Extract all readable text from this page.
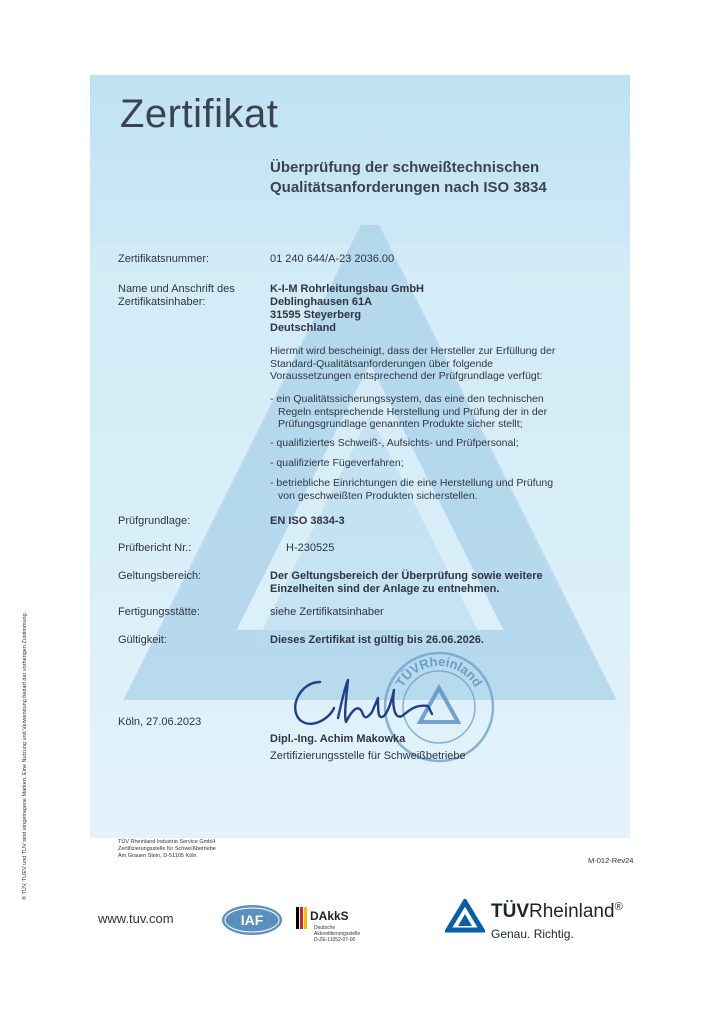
® TÜV, TUEV und TUV sind eingetragene Marken. Eine Nutzung und Verwendung bedarf der vorherigen Zustimmung.
Zertifikat
Überprüfung der schweißtechnischen
Qualitätsanforderungen nach ISO 3834
Zertifikatsnummer:	01 240 644/A-23 2036.00
Name und Anschrift des
Zertifikatsinhaber:
K-I-M Rohrleitungsbau GmbH
Deblinghausen 61A
31595 Steyerberg
Deutschland
Hiermit wird bescheinigt, dass der Hersteller zur Erfüllung der
Standard-Qualitätsanforderungen über folgende
Voraussetzungen entsprechend der Prüfgrundlage verfügt:
- ein Qualitätssicherungssystem, das eine den technischen
Regeln entsprechende Herstellung und Prüfung der in der
Prüfungsgrundlage genannten Produkte sicher stellt;
- qualifiziertes Schweiß-, Aufsichts- und Prüfpersonal;
- qualifizierte Fügeverfahren;
- betriebliche Einrichtungen die eine Herstellung und Prüfung
von geschweißten Produkten sicherstellen.
Prüfgrundlage:	EN ISO 3834-3
Prüfbericht Nr.:	H-230525
Geltungsbereich:	Der Geltungsbereich der Überprüfung sowie weitere
Einzelheiten sind der Anlage zu entnehmen.
Fertigungsstätte:	siehe Zertifikatsinhaber
Gültigkeit:	Dieses Zertifikat ist gültig bis 26.06.2026.
TÜVRheinland
Köln, 27.06.2023
Dipl.-Ing. Achim Makowka
Zertifizierungsstelle für Schweißbetriebe
TÜV Rheinland Industrie Service GmbH
Zertifizierungsstelle für Schweißbetriebe
Am Grauen Stein, D-51105 Köln	M-012-Rev24
www.tuv.com	IAF	DAkkS
Deutsche
Akkreditierungsstelle
D-ZE-11052-07-00
TÜVRheinland®
Genau. Richtig.
